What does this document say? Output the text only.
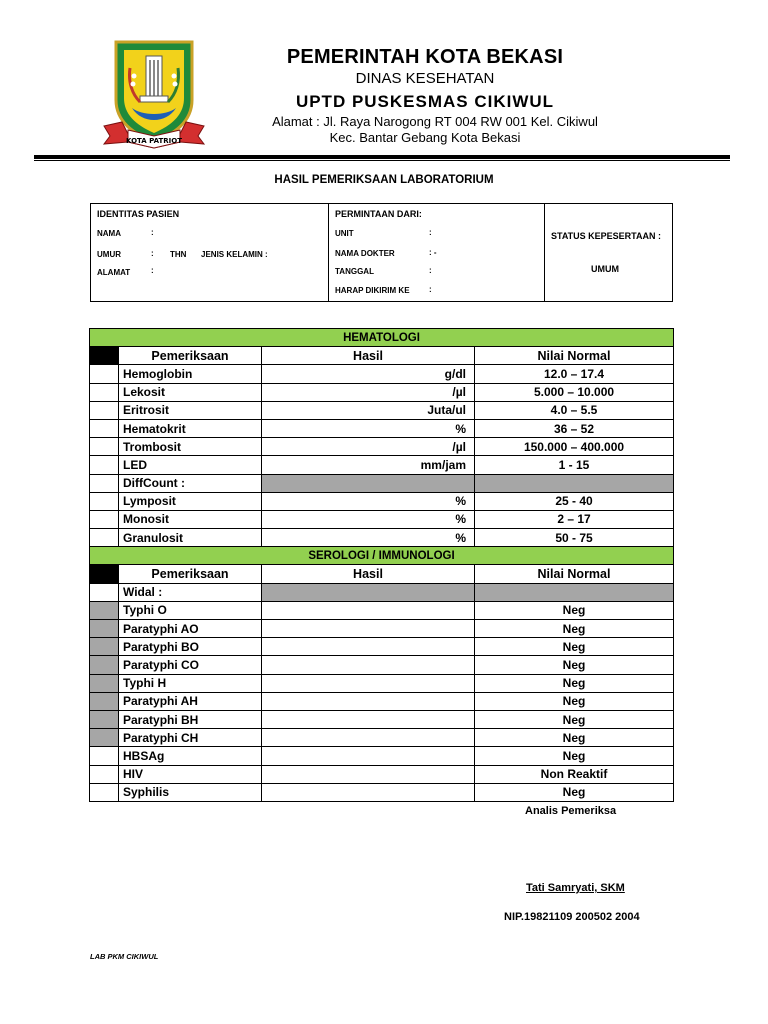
KOTA PATRIOT
PEMERINTAH KOTA BEKASI
DINAS KESEHATAN
UPTD PUSKESMAS CIKIWUL
Alamat : Jl. Raya Narogong RT 004 RW 001 Kel. Cikiwul
Kec. Bantar Gebang Kota Bekasi
HASIL PEMERIKSAAN LABORATORIUM
IDENTITAS PASIEN
NAMA	:
UMUR	: THN JENIS KELAMIN :
ALAMAT	:
PERMINTAAN DARI:
UNIT	:
NAMA DOKTER	: -
TANGGAL	:
HARAP DIKIRIM KE :
STATUS KEPESERTAAN :
UMUM
HEMATOLOGI			
	Pemeriksaan	Hasil	Nilai Normal
	Hemoglobin	g/dl	12.0 – 17.4
	Lekosit	/µl	5.000 – 10.000
	Eritrosit	Juta/ul	4.0 – 5.5
	Hematokrit	%	36 – 52
	Trombosit	/µl	150.000 – 400.000
	LED	mm/jam	1 - 15
	DiffCount :		
	Lymposit	%	25 - 40
	Monosit	%	2 – 17
	Granulosit	%	50 - 75
SEROLOGI / IMMUNOLOGI			
	Pemeriksaan	Hasil	Nilai Normal
	Widal :		
	Typhi O		Neg
	Paratyphi AO		Neg
	Paratyphi BO		Neg
	Paratyphi CO		Neg
	Typhi H		Neg
	Paratyphi AH		Neg
	Paratyphi BH		Neg
	Paratyphi CH		Neg
	HBSAg		Neg
	HIV		Non Reaktif
	Syphilis		Neg
Analis Pemeriksa
Tati Samryati, SKM
NIP.19821109 200502 2004
LAB PKM CIKIWUL
